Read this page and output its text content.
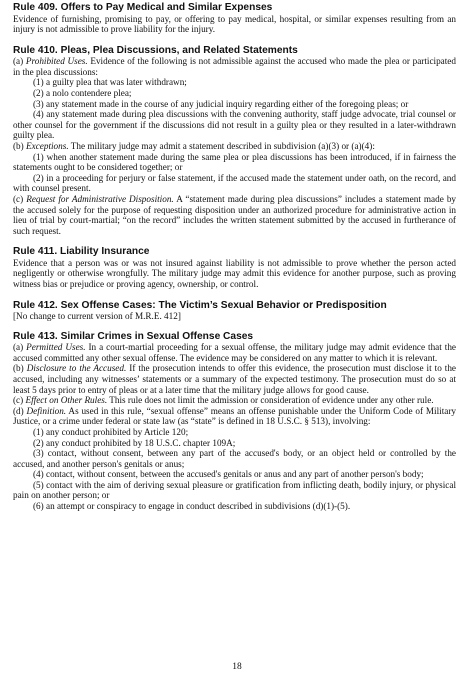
Rule 409. Offers to Pay Medical and Similar Expenses

Evidence of furnishing, promising to pay, or offering to pay medical, hospital, or similar expenses resulting from an injury is not admissible to prove liability for the injury.

Rule 410. Pleas, Plea Discussions, and Related Statements

(a) Prohibited Uses. Evidence of the following is not admissible against the accused who made the plea or participated in the plea discussions:

(1) a guilty plea that was later withdrawn;

(2) a nolo contendere plea;

(3) any statement made in the course of any judicial inquiry regarding either of the foregoing pleas; or

(4) any statement made during plea discussions with the convening authority, staff judge advocate, trial counsel or other counsel for the government if the discussions did not result in a guilty plea or they resulted in a later-withdrawn guilty plea.

(b) Exceptions. The military judge may admit a statement described in subdivision (a)(3) or (a)(4):

(1) when another statement made during the same plea or plea discussions has been introduced, if in fairness the statements ought to be considered together; or

(2) in a proceeding for perjury or false statement, if the accused made the statement under oath, on the record, and with counsel present.

(c) Request for Administrative Disposition. A “statement made during plea discussions” includes a statement made by the accused solely for the purpose of requesting disposition under an authorized procedure for administrative action in lieu of trial by court-martial; “on the record” includes the written statement submitted by the accused in furtherance of such request.

Rule 411. Liability Insurance

Evidence that a person was or was not insured against liability is not admissible to prove whether the person acted negligently or otherwise wrongfully. The military judge may admit this evidence for another purpose, such as proving witness bias or prejudice or proving agency, ownership, or control.

Rule 412. Sex Offense Cases: The Victim’s Sexual Behavior or Predisposition

[No change to current version of M.R.E. 412]

Rule 413. Similar Crimes in Sexual Offense Cases

(a) Permitted Uses. In a court-martial proceeding for a sexual offense, the military judge may admit evidence that the accused committed any other sexual offense. The evidence may be considered on any matter to which it is relevant.

(b) Disclosure to the Accused. If the prosecution intends to offer this evidence, the prosecution must disclose it to the accused, including any witnesses’ statements or a summary of the expected testimony. The prosecution must do so at least 5 days prior to entry of pleas or at a later time that the military judge allows for good cause.

(c) Effect on Other Rules. This rule does not limit the admission or consideration of evidence under any other rule.

(d) Definition. As used in this rule, “sexual offense” means an offense punishable under the Uniform Code of Military Justice, or a crime under federal or state law (as “state” is defined in 18 U.S.C. § 513), involving:

(1) any conduct prohibited by Article 120;

(2) any conduct prohibited by 18 U.S.C. chapter 109A;

(3) contact, without consent, between any part of the accused's body, or an object held or controlled by the accused, and another person's genitals or anus;

(4) contact, without consent, between the accused's genitals or anus and any part of another person's body;

(5) contact with the aim of deriving sexual pleasure or gratification from inflicting death, bodily injury, or physical pain on another person; or

(6) an attempt or conspiracy to engage in conduct described in subdivisions (d)(1)-(5).

18
